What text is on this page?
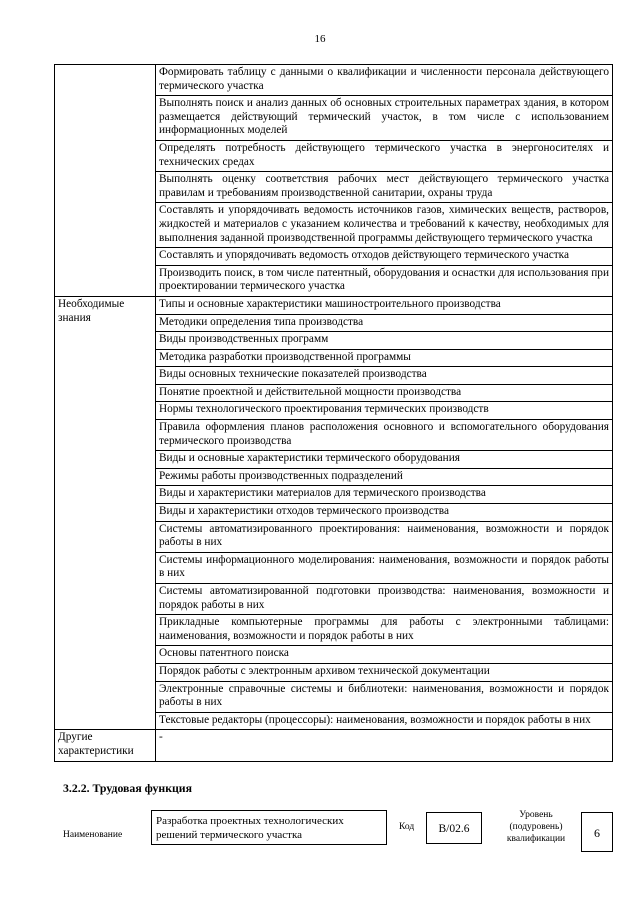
16
	Формировать таблицу с данными о квалификации и численности персонала действующего термического участка
	Выполнять поиск и анализ данных об основных строительных параметрах здания, в котором размещается действующий термический участок, в том числе с использованием информационных моделей
	Определять потребность действующего термического участка в энергоносителях и технических средах
	Выполнять оценку соответствия рабочих мест действующего термического участка правилам и требованиям производственной санитарии, охраны труда
	Составлять и упорядочивать ведомость источников газов, химических веществ, растворов, жидкостей и материалов с указанием количества и требований к качеству, необходимых для выполнения заданной производственной программы действующего термического участка
	Составлять и упорядочивать ведомость отходов действующего термического участка
	Производить поиск, в том числе патентный, оборудования и оснастки для использования при проектировании термического участка
Необходимые знания	Типы и основные характеристики машиностроительного производства
	Методики определения типа производства
	Виды производственных программ
	Методика разработки производственной программы
	Виды основных технические показателей производства
	Понятие проектной и действительной мощности производства
	Нормы технологического проектирования термических производств
	Правила оформления планов расположения основного и вспомогательного оборудования термического производства
	Виды и основные характеристики термического оборудования
	Режимы работы производственных подразделений
	Виды и характеристики материалов для термического производства
	Виды и характеристики отходов термического производства
	Системы автоматизированного проектирования: наименования, возможности и порядок работы в них
	Системы информационного моделирования: наименования, возможности и порядок работы в них
	Системы автоматизированной подготовки производства: наименования, возможности и порядок работы в них
	Прикладные компьютерные программы для работы с электронными таблицами: наименования, возможности и порядок работы в них
	Основы патентного поиска
	Порядок работы с электронным архивом технической документации
	Электронные справочные системы и библиотеки: наименования, возможности и порядок работы в них
	Текстовые редакторы (процессоры): наименования, возможности и порядок работы в них
Другие характеристики	-
3.2.2. Трудовая функция
Наименование
Разработка проектных технологических решений термического участка
Код	B/02.6
Уровень (подуровень) квалификации	6
